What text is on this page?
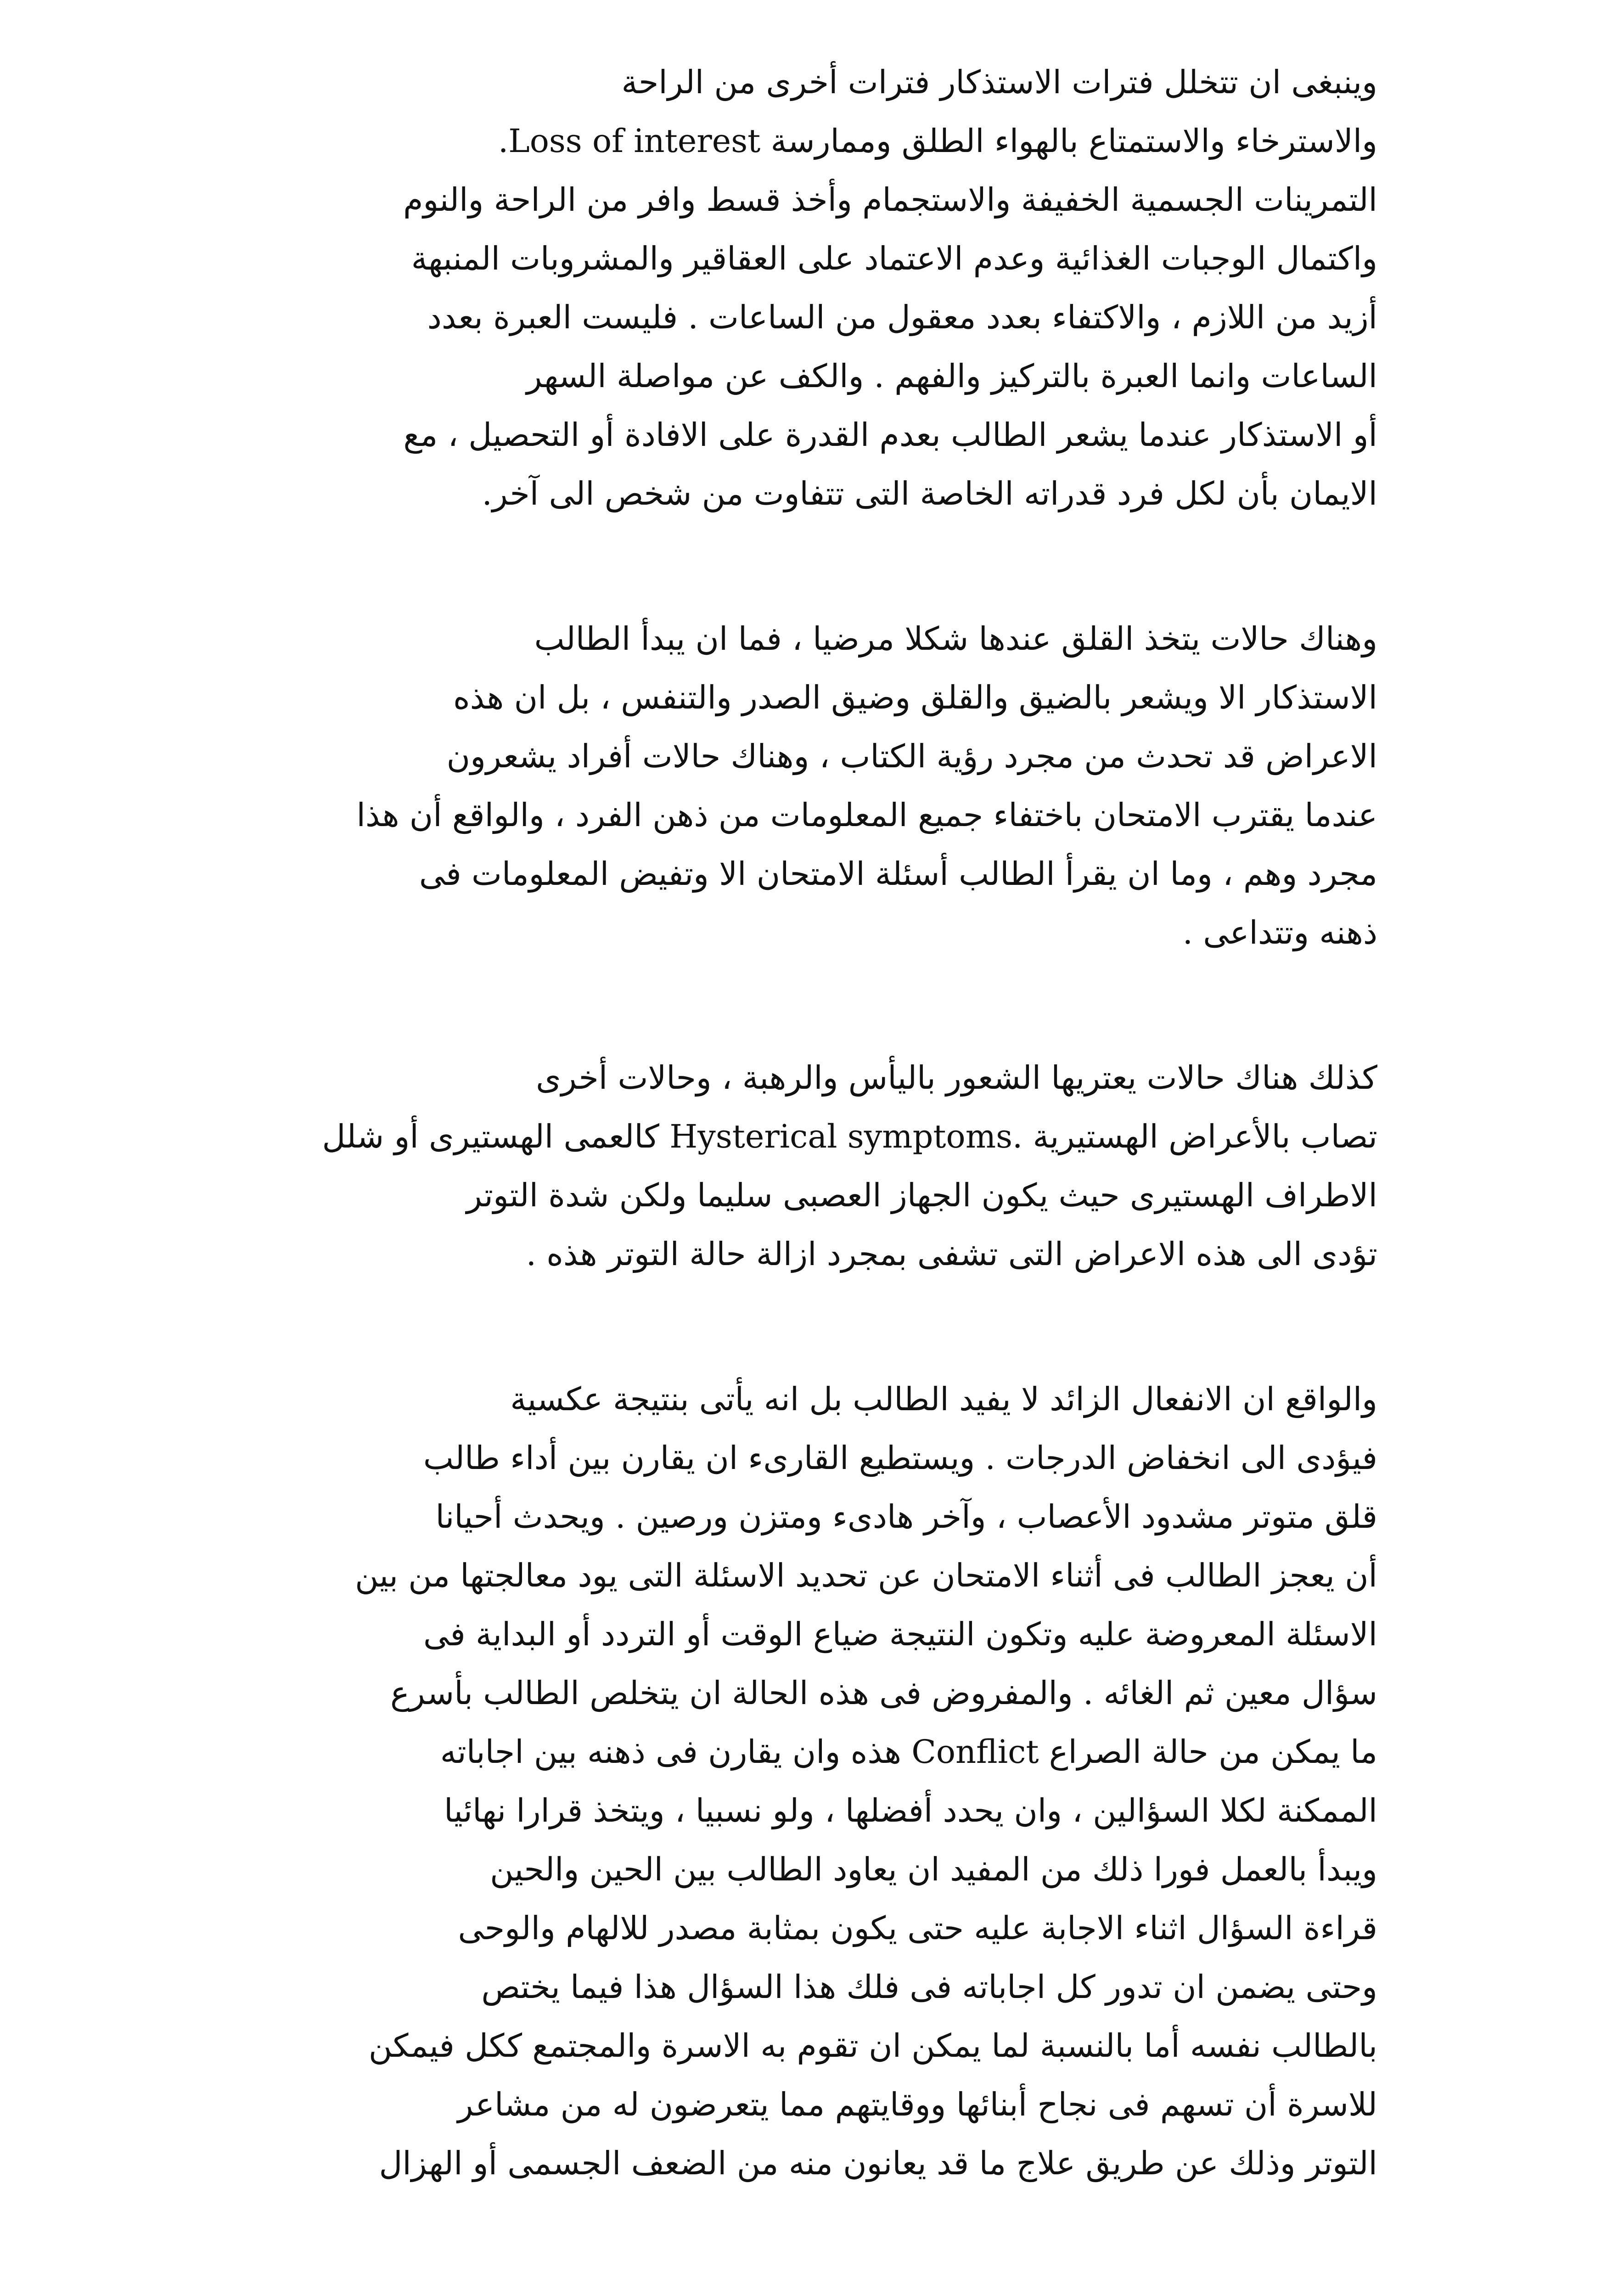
وينبغى ان تتخلل فترات الاستذكار فترات أخرى من الراحة
والاسترخاء والاستمتاع بالهواء الطلق وممارسة Loss of interest.
التمرينات الجسمية الخفيفة والاستجمام وأخذ قسط وافر من الراحة والنوم
واكتمال الوجبات الغذائية وعدم الاعتماد على العقاقير والمشروبات المنبهة
أزيد من اللازم ، والاكتفاء بعدد معقول من الساعات . فليست العبرة بعدد
الساعات وانما العبرة بالتركيز والفهم . والكف عن مواصلة السهر
أو الاستذكار عندما يشعر الطالب بعدم القدرة على الافادة أو التحصيل ، مع
الايمان بأن لكل فرد قدراته الخاصة التى تتفاوت من شخص الى آخر.

وهناك حالات يتخذ القلق عندها شكلا مرضيا ، فما ان يبدأ الطالب
الاستذكار الا ويشعر بالضيق والقلق وضيق الصدر والتنفس ، بل ان هذه
الاعراض قد تحدث من مجرد رؤية الكتاب ، وهناك حالات أفراد يشعرون
عندما يقترب الامتحان باختفاء جميع المعلومات من ذهن الفرد ، والواقع أن هذا
مجرد وهم ، وما ان يقرأ الطالب أسئلة الامتحان الا وتفيض المعلومات فى
ذهنه وتتداعى .

كذلك هناك حالات يعتريها الشعور باليأس والرهبة ، وحالات أخرى
تصاب بالأعراض الهستيرية .Hysterical symptoms كالعمى الهستيرى أو شلل
الاطراف الهستيرى حيث يكون الجهاز العصبى سليما ولكن شدة التوتر
تؤدى الى هذه الاعراض التى تشفى بمجرد ازالة حالة التوتر هذه .

والواقع ان الانفعال الزائد لا يفيد الطالب بل انه يأتى بنتيجة عكسية
فيؤدى الى انخفاض الدرجات . ويستطيع القارىء ان يقارن بين أداء طالب
قلق متوتر مشدود الأعصاب ، وآخر هادىء ومتزن ورصين . ويحدث أحيانا
أن يعجز الطالب فى أثناء الامتحان عن تحديد الاسئلة التى يود معالجتها من بين
الاسئلة المعروضة عليه وتكون النتيجة ضياع الوقت أو التردد أو البداية فى
سؤال معين ثم الغائه . والمفروض فى هذه الحالة ان يتخلص الطالب بأسرع
ما يمكن من حالة الصراع Conflict هذه وان يقارن فى ذهنه بين اجاباته
الممكنة لكلا السؤالين ، وان يحدد أفضلها ، ولو نسبيا ، ويتخذ قرارا نهائيا
ويبدأ بالعمل فورا ذلك من المفيد ان يعاود الطالب بين الحين والحين
قراءة السؤال اثناء الاجابة عليه حتى يكون بمثابة مصدر للالهام والوحى
وحتى يضمن ان تدور كل اجاباته فى فلك هذا السؤال هذا فيما يختص
بالطالب نفسه أما بالنسبة لما يمكن ان تقوم به الاسرة والمجتمع ككل فيمكن
للاسرة أن تسهم فى نجاح أبنائها ووقايتهم مما يتعرضون له من مشاعر
التوتر وذلك عن طريق علاج ما قد يعانون منه من الضعف الجسمى أو الهزال
